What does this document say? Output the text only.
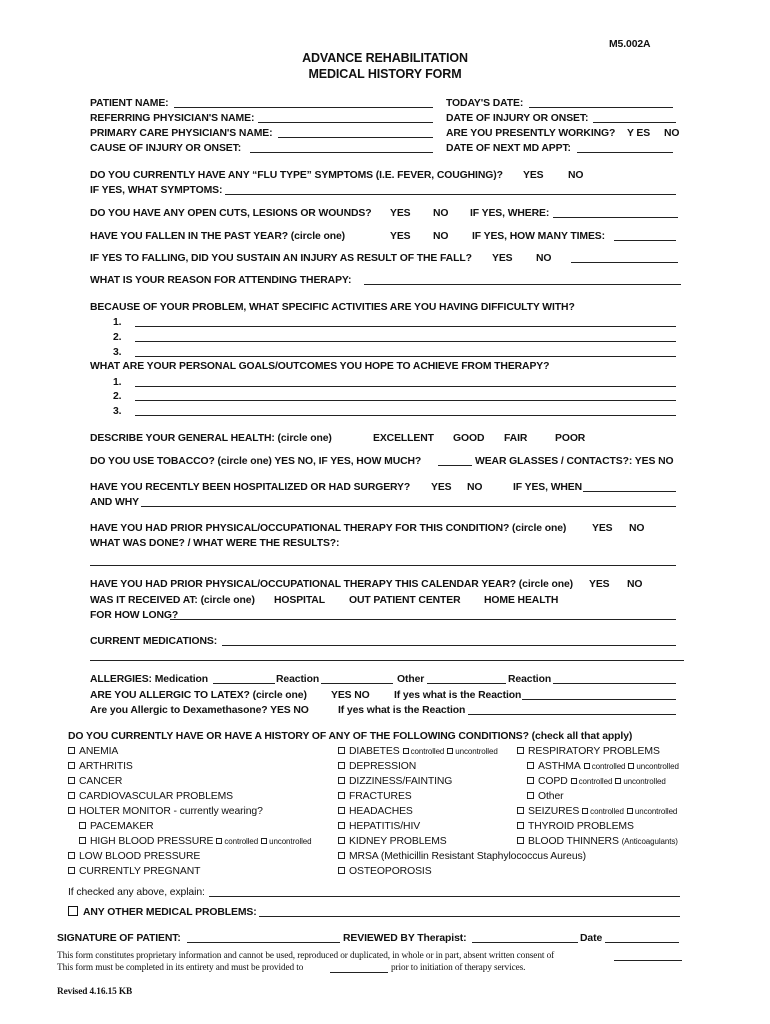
M5.002A
ADVANCE REHABILITATION
MEDICAL HISTORY FORM
PATIENT NAME:
REFERRING PHYSICIAN'S NAME:
PRIMARY CARE PHYSICIAN'S NAME:
CAUSE OF INJURY OR ONSET:
TODAY'S DATE:
DATE OF INJURY OR ONSET:
ARE YOU PRESENTLY WORKING? Y ES NO
DATE OF NEXT MD APPT:
DO YOU CURRENTLY HAVE ANY “FLU TYPE” SYMPTOMS (I.E. FEVER, COUGHING)? YES NO
IF YES, WHAT SYMPTOMS:
DO YOU HAVE ANY OPEN CUTS, LESIONS OR WOUNDS? YES NO IF YES, WHERE:
HAVE YOU FALLEN IN THE PAST YEAR? (circle one)	YES NO IF YES, HOW MANY TIMES:
IF YES TO FALLING, DID YOU SUSTAIN AN INJURY AS RESULT OF THE FALL? YES NO
WHAT IS YOUR REASON FOR ATTENDING THERAPY:
BECAUSE OF YOUR PROBLEM, WHAT SPECIFIC ACTIVITIES ARE YOU HAVING DIFFICULTY WITH?
1.
2.
3.
WHAT ARE YOUR PERSONAL GOALS/OUTCOMES YOU HOPE TO ACHIEVE FROM THERAPY?
1.
2.
3.
DESCRIBE YOUR GENERAL HEALTH: (circle one)	EXCELLENT GOOD FAIR	POOR
DO YOU USE TOBACCO? (circle one) YES NO, IF YES, HOW MUCH?	WEAR GLASSES / CONTACTS?: YES NO
HAVE YOU RECENTLY BEEN HOSPITALIZED OR HAD SURGERY? YES NO	IF YES, WHEN
AND WHY
HAVE YOU HAD PRIOR PHYSICAL/OCCUPATIONAL THERAPY FOR THIS CONDITION? (circle one) YES NO
WHAT WAS DONE? / WHAT WERE THE RESULTS?:
HAVE YOU HAD PRIOR PHYSICAL/OCCUPATIONAL THERAPY THIS CALENDAR YEAR? (circle one) YES NO
WAS IT RECEIVED AT: (circle one) HOSPITAL OUT PATIENT CENTER HOME HEALTH
FOR HOW LONG?
CURRENT MEDICATIONS:
ALLERGIES: Medication	Reaction	Other	Reaction
ARE YOU ALLERGIC TO LATEX? (circle one) YES NO If yes what is the Reaction
Are you Allergic to Dexamethasone? YES NO	If yes what is the Reaction
DO YOU CURRENTLY HAVE OR HAVE A HISTORY OF ANY OF THE FOLLOWING CONDITIONS? (check all that apply)
ANEMIA
ARTHRITIS
CANCER
CARDIOVASCULAR PROBLEMS
HOLTER MONITOR - currently wearing?
PACEMAKER
HIGH BLOOD PRESSURE controlled uncontrolled
LOW BLOOD PRESSURE
CURRENTLY PREGNANT
DIABETES controlled uncontrolled
DEPRESSION
DIZZINESS/FAINTING
FRACTURES
HEADACHES
HEPATITIS/HIV
KIDNEY PROBLEMS
MRSA (Methicillin Resistant Staphylococcus Aureus)
OSTEOPOROSIS
RESPIRATORY PROBLEMS
ASTHMA controlled uncontrolled
COPD controlled uncontrolled
Other
SEIZURES controlled uncontrolled
THYROID PROBLEMS
BLOOD THINNERS (Anticoagulants)
If checked any above, explain:
ANY OTHER MEDICAL PROBLEMS:
SIGNATURE OF PATIENT:	REVIEWED BY Therapist:	Date
This form constitutes proprietary information and cannot be used, reproduced or duplicated, in whole or in part, absent written consent of
This form must be completed in its entirety and must be provided to	prior to initiation of therapy services.
Revised 4.16.15 KB
